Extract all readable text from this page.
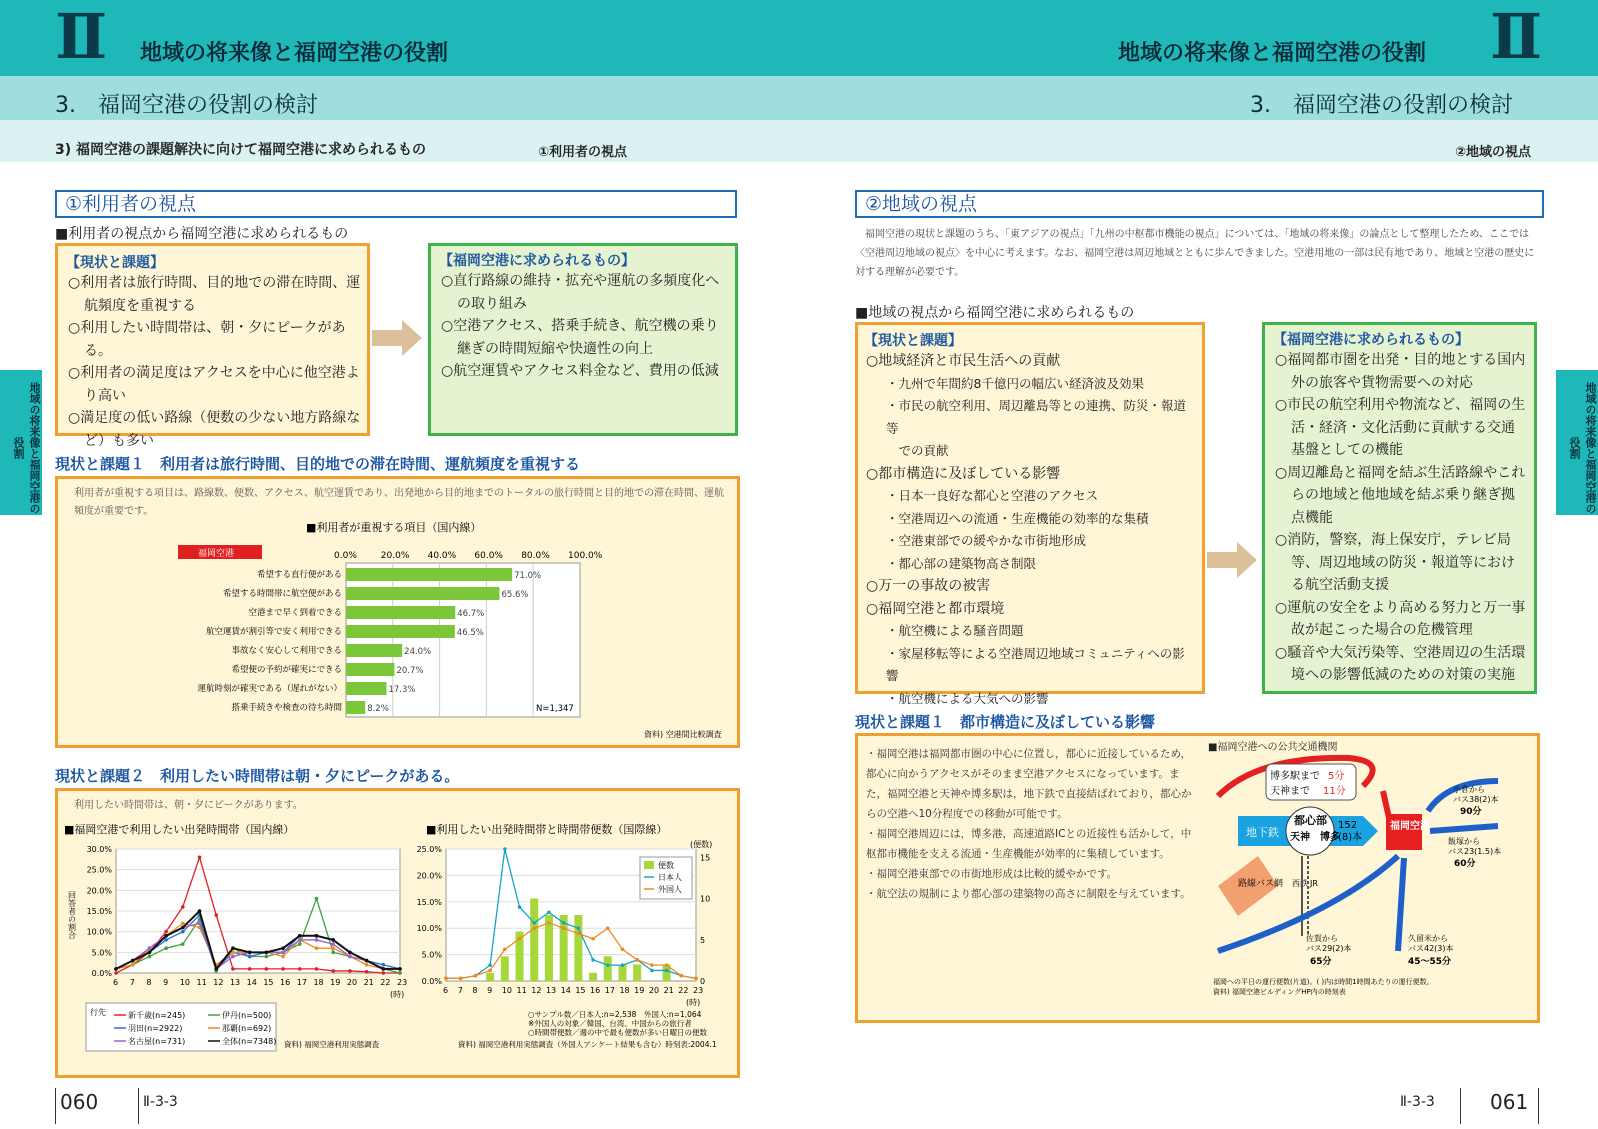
Ⅱ 地域の将来像と福岡空港の役割	地域の将来像と福岡空港の役割 Ⅱ
3.　福岡空港の役割の検討	3.　福岡空港の役割の検討
3) 福岡空港の課題解決に向けて福岡空港に求められるもの	①利用者の視点	②地域の視点
地域の将来像と福岡空港の役割	地域の将来像と福岡空港の役割
①利用者の視点
■利用者の視点から福岡空港に求められるもの
【現状と課題】

○利用者は旅行時間、目的地での滞在時間、運航頻度を重視する

○利用したい時間帯は、朝・夕にピークがある。

○利用者の満足度はアクセスを中心に他空港より高い

○満足度の低い路線（便数の少ない地方路線など）も多い

【福岡空港に求められるもの】

○直行路線の維持・拡充や運航の多頻度化への取り組み

○空港アクセス、搭乗手続き、航空機の乗り継ぎの時間短縮や快適性の向上

○航空運賃やアクセス料金など、費用の低減

現状と課題１　利用者は旅行時間、目的地での滞在時間、運航頻度を重視する
利用者が重視する項目は、路線数、便数、アクセス、航空運賃であり、出発地から目的地までのトータルの旅行時間と目的地での滞在時間、運航頻度が重要です。
■利用者が重視する項目（国内線）
福岡空港	0.0%	20.0% 40.0% 60.0% 80.0% 100.0%
希望する直行便がある	71.0%
希望する時間帯に航空便がある	65.6%
空港まで早く到着できる	46.7%
航空運賃が割引等で安く利用できる	46.5%
事故なく安心して利用できる	24.0%
希望便の予約が確実にできる	20.7%
運航時刻が確実である（遅れがない）	17.3%
搭乗手続きや検査の待ち時間	8.2%	N=1,347
資料) 空港間比較調査
現状と課題２　利用したい時間帯は朝・夕にピークがある。
利用したい時間帯は、朝・夕にピークがあります。
■福岡空港で利用したい出発時間帯（国内線）
0.0%
5.0%
10.0%
15.0%
20.0%
25.0%
30.0%
回答者の割合
6 7 8 9 10 11 12 13 14 15 16 17 18 19 20 21 22 23
(時)
行先	新千歳(n=245)	伊丹(n=500)
羽田(n=2922)	那覇(n=692)
名古屋(n=731)	全体(n=7348) 資料) 福岡空港利用実態調査
■利用したい出発時間帯と時間帯便数（国際線）
0.0%
5.0%
10.0%
15.0%
20.0%
25.0%
0
5
10
15
(便数)
6 7 8 9 10 11 12 13 14 15 16 17 18 19 20 21 22 23
(時)
便数
日本人
外国人
○サンプル数／日本人:n=2,538　外国人:n=1,064
※外国人の対象／韓国、台湾、中国からの旅行者
○時間帯便数／週の中で最も便数が多い日曜日の便数
資料) 福岡空港利用実態調査（外国人アンケート結果も含む）時刻表:2004.1
060	Ⅱ-3-3
②地域の視点
福岡空港の現状と課題のうち、「東アジアの視点」「九州の中枢都市機能の視点」については、「地域の将来像」の論点として整理したため、ここでは〈空港周辺地域の視点〉を中心に考えます。なお、福岡空港は周辺地域とともに歩んできました。空港用地の一部は民有地であり、地域と空港の歴史に対する理解が必要です。
■地域の視点から福岡空港に求められるもの
【現状と課題】

○地域経済と市民生活への貢献

・九州で年間約8千億円の幅広い経済波及効果

・市民の航空利用、周辺離島等との連携、防災・報道等

　での貢献

○都市構造に及ぼしている影響

・日本一良好な都心と空港のアクセス

・空港周辺への流通・生産機能の効率的な集積

・空港東部での緩やかな市街地形成

・都心部の建築物高さ制限

○万一の事故の被害

○福岡空港と都市環境

・航空機による騒音問題

・家屋移転等による空港周辺地域コミュニティへの影響

・航空機による大気への影響

【福岡空港に求められるもの】

○福岡都市圏を出発・目的地とする国内外の旅客や貨物需要への対応

○市民の航空利用や物流など、福岡の生活・経済・文化活動に貢献する交通基盤としての機能

○周辺離島と福岡を結ぶ生活路線やこれらの地域と他地域を結ぶ乗り継ぎ拠点機能

○消防，警察，海上保安庁，テレビ局等、周辺地域の防災・報道等における航空活動支援

○運航の安全をより高める努力と万一事故が起こった場合の危機管理

○騒音や大気汚染等、空港周辺の生活環境への影響低減のための対策の実施

現状と課題１　都市構造に及ぼしている影響
・福岡空港は福岡都市圏の中心に位置し，都心に近接しているため，都心に向かうアクセスがそのまま空港アクセスになっています。また，福岡空港と天神や博多駅は，地下鉄で直接結ばれており，都心からの空港へ10分程度での移動が可能です。
・福岡空港周辺には，博多港，高速道路ICとの近接性も活かして，中枢都市機能を支える流通・生産機能が効率的に集積しています。
・福岡空港東部での市街地形成は比較的緩やかです。
・航空法の規制により都心部の建築物の高さに制限を与えています。
■福岡空港への公共交通機関
博多駅まで 5分
天神まで 11分
地下鉄
152
(8)本
都心部
天神　博多
福岡空港
路線バス網 西鉄 JR
小倉から
バス38(2)本
90分
飯塚から
バス23(1.5)本
60分
佐賀から
バス29(2)本
65分
久留米から
バス42(3)本
45〜55分
福岡への平日の運行便数(片道)。( )内は時間1時間あたりの運行便数。
資料) 福岡空港ビルディングHP内の時刻表
Ⅱ-3-3	061
